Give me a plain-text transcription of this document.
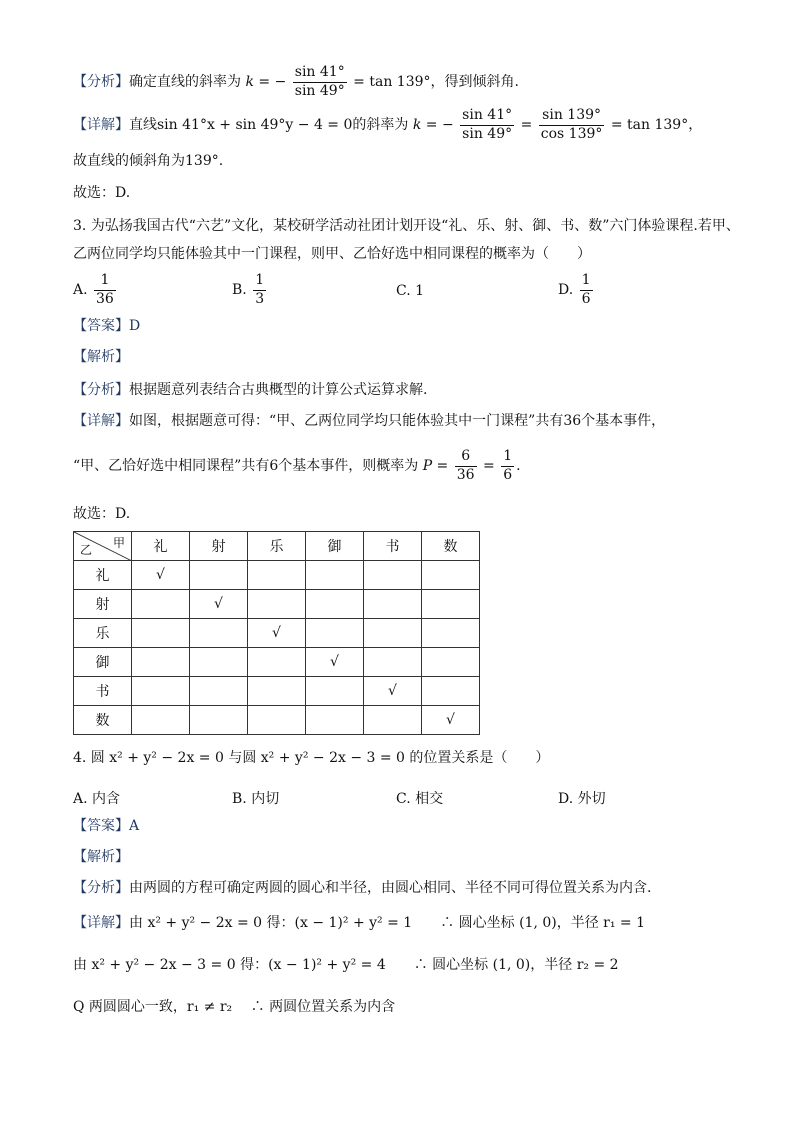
【分析】确定直线的斜率为 k = − $\frac{\sin 41^\circ}{\sin 49^\circ} = \tan 139^\circ$，得到倾斜角.
【详解】直线sin 41°x + sin 49°y − 4 = 0的斜率为 k = − $\frac{\sin 41^\circ}{\sin 49^\circ} = \frac{\sin 139^\circ}{\cos 139^\circ} = \tan 139^\circ$，
故直线的倾斜角为139°.
故选：D.
3. 为弘扬我国古代“六艺”文化，某校研学活动社团计划开设“礼、乐、射、御、书、数”六门体验课程.若甲、
乙两位同学均只能体验其中一门课程，则甲、乙恰好选中相同课程的概率为（　　）
A. $\frac{1}{36}$	B. $\frac{1}{3}$	C. 1	D. $\frac{1}{6}$
【答案】D
【解析】
【分析】根据题意列表结合古典概型的计算公式运算求解.
【详解】如图，根据题意可得：“甲、乙两位同学均只能体验其中一门课程”共有36个基本事件，
“甲、乙恰好选中相同课程”共有6个基本事件，则概率为 $P = \frac{6}{36} = \frac{1}{6}$ .
故选：D.
甲
乙	礼	射	乐	御	书	数
礼	√					
射		√				
乐			√			
御				√		
书					√	
数						√
4. 圆 x² + y² − 2x = 0 与圆 x² + y² − 2x − 3 = 0 的位置关系是（　　）
A. 内含	B. 内切	C. 相交	D. 外切
【答案】A
【解析】
【分析】由两圆的方程可确定两圆的圆心和半径，由圆心相同、半径不同可得位置关系为内含.
【详解】由 x² + y² − 2x = 0 得：(x − 1)² + y² = 1　　∴ 圆心坐标 (1, 0)，半径 r₁ = 1
由 x² + y² − 2x − 3 = 0 得：(x − 1)² + y² = 4　　∴ 圆心坐标 (1, 0)，半径 r₂ = 2
Q 两圆圆心一致，r₁ ≠ r₂　 ∴ 两圆位置关系为内含
